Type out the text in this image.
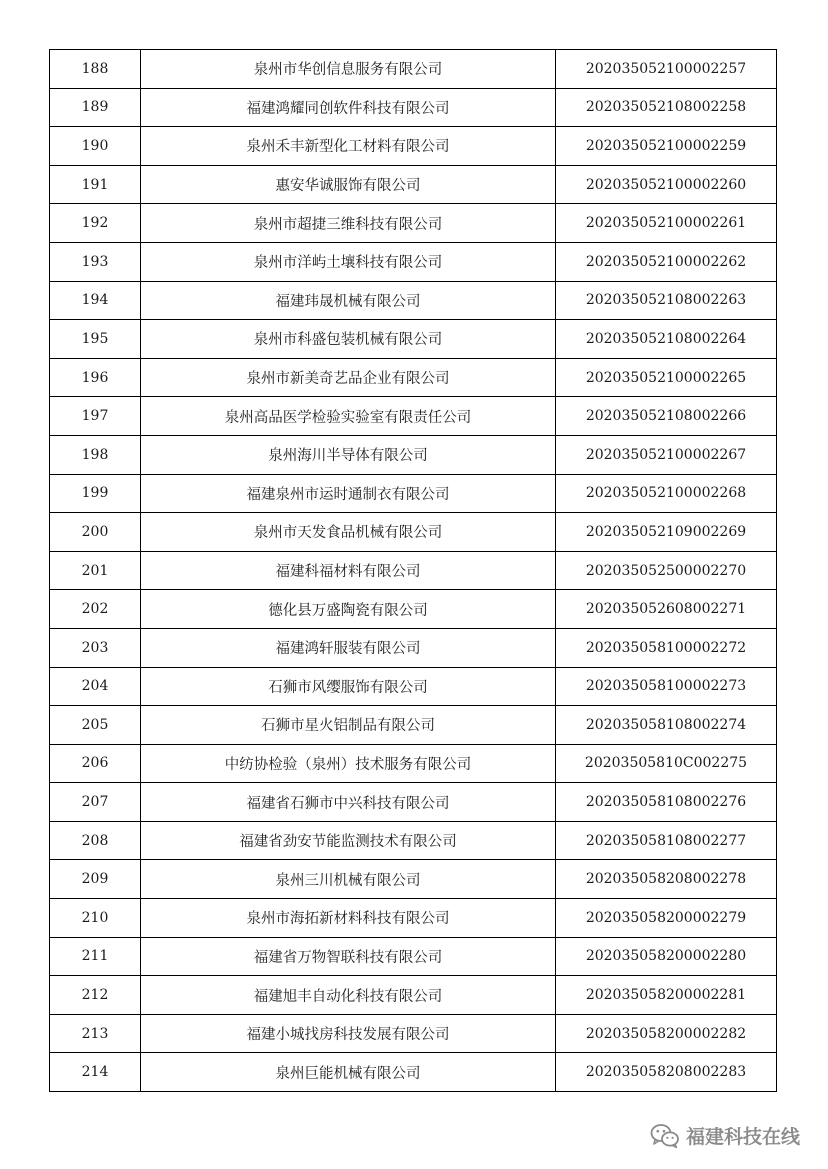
188	泉州市华创信息服务有限公司	202035052100002257
189	福建鸿耀同创软件科技有限公司	202035052108002258
190	泉州禾丰新型化工材料有限公司	202035052100002259
191	惠安华诚服饰有限公司	202035052100002260
192	泉州市超捷三维科技有限公司	202035052100002261
193	泉州市洋屿土壤科技有限公司	202035052100002262
194	福建玮晟机械有限公司	202035052108002263
195	泉州市科盛包装机械有限公司	202035052108002264
196	泉州市新美奇艺品企业有限公司	202035052100002265
197	泉州高品医学检验实验室有限责任公司	202035052108002266
198	泉州海川半导体有限公司	202035052100002267
199	福建泉州市运时通制衣有限公司	202035052100002268
200	泉州市天发食品机械有限公司	202035052109002269
201	福建科福材料有限公司	202035052500002270
202	德化县万盛陶瓷有限公司	202035052608002271
203	福建鸿轩服装有限公司	202035058100002272
204	石狮市风缨服饰有限公司	202035058100002273
205	石狮市星火铝制品有限公司	202035058108002274
206	中纺协检验（泉州）技术服务有限公司	20203505810C002275
207	福建省石狮市中兴科技有限公司	202035058108002276
208	福建省劲安节能监测技术有限公司	202035058108002277
209	泉州三川机械有限公司	202035058208002278
210	泉州市海拓新材料科技有限公司	202035058200002279
211	福建省万物智联科技有限公司	202035058200002280
212	福建旭丰自动化科技有限公司	202035058200002281
213	福建小城找房科技发展有限公司	202035058200002282
214	泉州巨能机械有限公司	202035058208002283
福建科技在线
